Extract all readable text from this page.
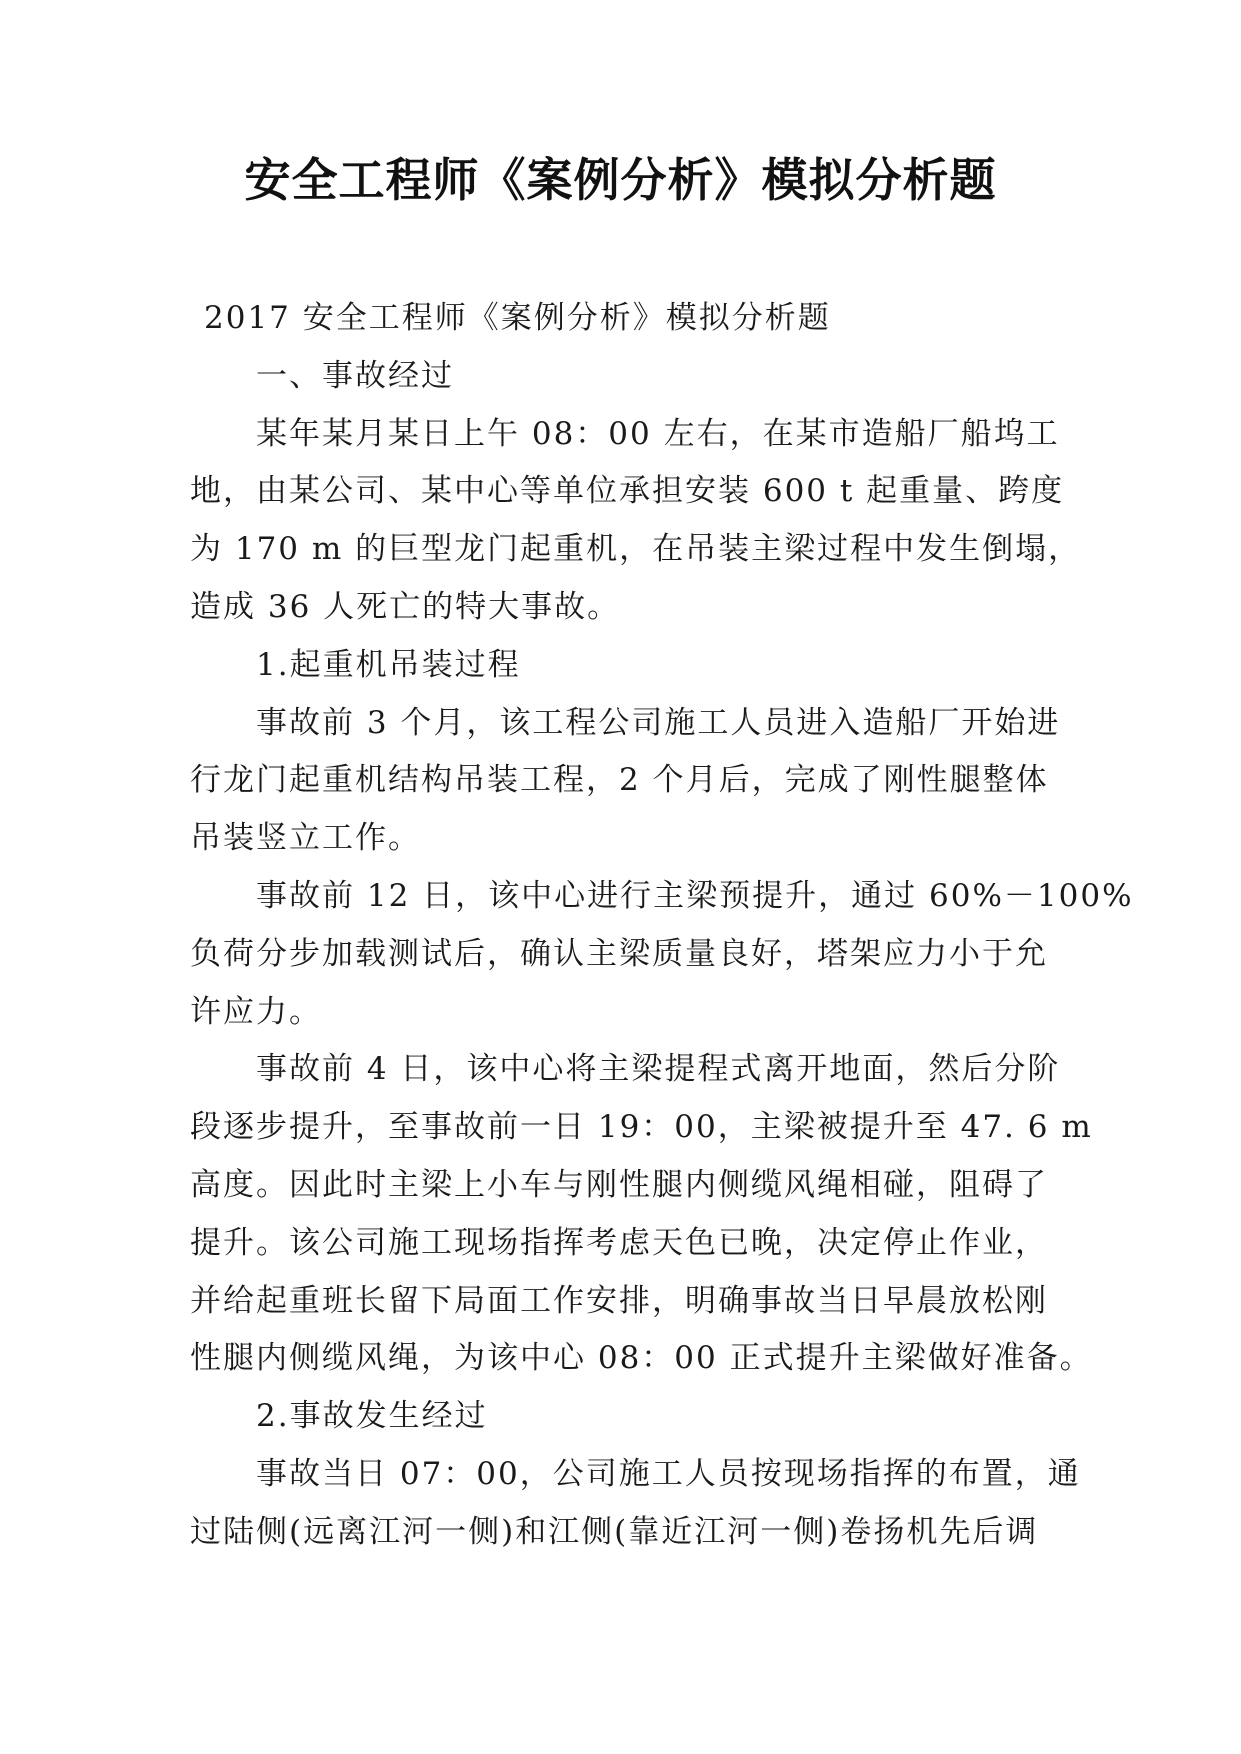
安全工程师《案例分析》模拟分析题
2017 安全工程师《案例分析》模拟分析题
一、事故经过
某年某月某日上午 08：00 左右，在某市造船厂船坞工
地，由某公司、某中心等单位承担安装 600 t 起重量、跨度
为 170 m 的巨型龙门起重机，在吊装主梁过程中发生倒塌，
造成 36 人死亡的特大事故。
1.起重机吊装过程
事故前 3 个月，该工程公司施工人员进入造船厂开始进
行龙门起重机结构吊装工程，2 个月后，完成了刚性腿整体
吊装竖立工作。
事故前 12 日，该中心进行主梁预提升，通过 60%－100%
负荷分步加载测试后，确认主梁质量良好，塔架应力小于允
许应力。
事故前 4 日，该中心将主梁提程式离开地面，然后分阶
段逐步提升，至事故前一日 19：00，主梁被提升至 47. 6 m
高度。因此时主梁上小车与刚性腿内侧缆风绳相碰，阻碍了
提升。该公司施工现场指挥考虑天色已晚，决定停止作业，
并给起重班长留下局面工作安排，明确事故当日早晨放松刚
性腿内侧缆风绳，为该中心 08：00 正式提升主梁做好准备。
2.事故发生经过
事故当日 07：00，公司施工人员按现场指挥的布置，通
过陆侧(远离江河一侧)和江侧(靠近江河一侧)卷扬机先后调
